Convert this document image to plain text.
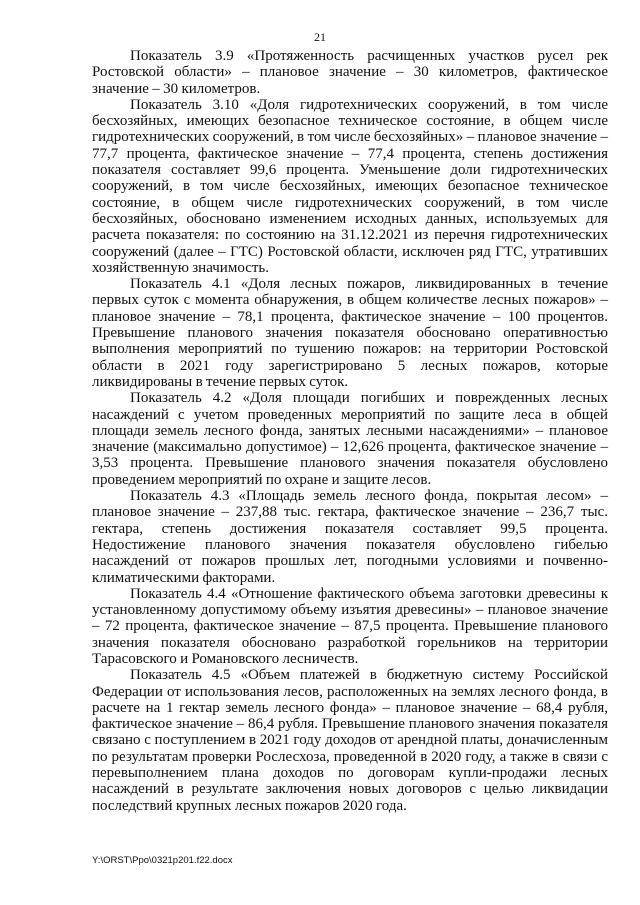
21

Показатель 3.9 «Протяженность расчищенных участков русел рек Ростовской области» – плановое значение – 30 километров, фактическое значение – 30 километров.

Показатель 3.10 «Доля гидротехнических сооружений, в том числе бесхозяйных, имеющих безопасное техническое состояние, в общем числе гидротехнических сооружений, в том числе бесхозяйных» – плановое значение – 77,7 процента, фактическое значение – 77,4 процента, степень достижения показателя составляет 99,6 процента. Уменьшение доли гидротехнических сооружений, в том числе бесхозяйных, имеющих безопасное техническое состояние, в общем числе гидротехнических сооружений, в том числе бесхозяйных, обосновано изменением исходных данных, используемых для расчета показателя: по состоянию на 31.12.2021 из перечня гидротехнических сооружений (далее – ГТС) Ростовской области, исключен ряд ГТС, утративших хозяйственную значимость.

Показатель 4.1 «Доля лесных пожаров, ликвидированных в течение первых суток с момента обнаружения, в общем количестве лесных пожаров» – плановое значение – 78,1 процента, фактическое значение – 100 процентов. Превышение планового значения показателя обосновано оперативностью выполнения мероприятий по тушению пожаров: на территории Ростовской области в 2021 году зарегистрировано 5 лесных пожаров, которые ликвидированы в течение первых суток.

Показатель 4.2 «Доля площади погибших и поврежденных лесных насаждений с учетом проведенных мероприятий по защите леса в общей площади земель лесного фонда, занятых лесными насаждениями» – плановое значение (максимально допустимое) – 12,626 процента, фактическое значение – 3,53 процента. Превышение планового значения показателя обусловлено проведением мероприятий по охране и защите лесов.

Показатель 4.3 «Площадь земель лесного фонда, покрытая лесом» – плановое значение – 237,88 тыс. гектара, фактическое значение – 236,7 тыс. гектара, степень достижения показателя составляет 99,5 процента. Недостижение планового значения показателя обусловлено гибелью насаждений от пожаров прошлых лет, погодными условиями и почвенно-климатическими факторами.

Показатель 4.4 «Отношение фактического объема заготовки древесины к установленному допустимому объему изъятия древесины» – плановое значение – 72 процента, фактическое значение – 87,5 процента. Превышение планового значения показателя обосновано разработкой горельников на территории Тарасовского и Романовского лесничеств.

Показатель 4.5 «Объем платежей в бюджетную систему Российской Федерации от использования лесов, расположенных на землях лесного фонда, в расчете на 1 гектар земель лесного фонда» – плановое значение – 68,4 рубля, фактическое значение – 86,4 рубля. Превышение планового значения показателя связано с поступлением в 2021 году доходов от арендной платы, доначисленным по результатам проверки Рослесхоза, проведенной в 2020 году, а также в связи с перевыполнением плана доходов по договорам купли-продажи лесных насаждений в результате заключения новых договоров с целью ликвидации последствий крупных лесных пожаров 2020 года.

Y:\ORST\Ppo\0321p201.f22.docx
